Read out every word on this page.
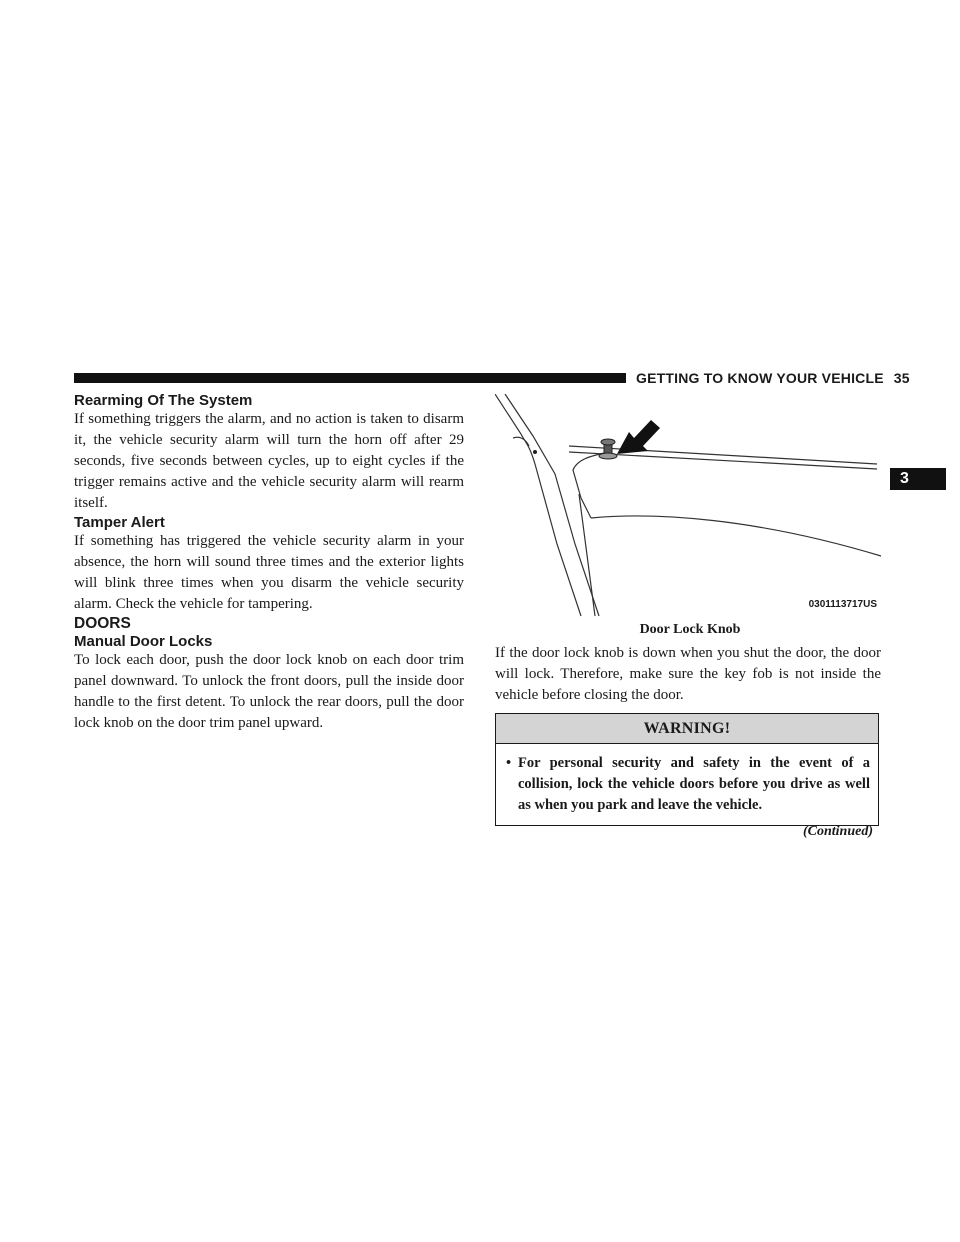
GETTING TO KNOW YOUR VEHICLE 35
3
Rearming Of The System

If something triggers the alarm, and no action is taken to disarm it, the vehicle security alarm will turn the horn off after 29 seconds, five seconds between cycles, up to eight cycles if the trigger remains active and the vehicle security alarm will rearm itself.

Tamper Alert

If something has triggered the vehicle security alarm in your absence, the horn will sound three times and the exterior lights will blink three times when you disarm the vehicle security alarm. Check the vehicle for tampering.

DOORS
Manual Door Locks

To lock each door, push the door lock knob on each door trim panel downward. To unlock the front doors, pull the inside door handle to the first detent. To unlock the rear doors, pull the door lock knob on the door trim panel upward.

0301113717US
Door Lock Knob

If the door lock knob is down when you shut the door, the door will lock. Therefore, make sure the key fob is not inside the vehicle before closing the door.

WARNING!
• For personal security and safety in the event of a collision, lock the vehicle doors before you drive as well as when you park and leave the vehicle.
(Continued)
